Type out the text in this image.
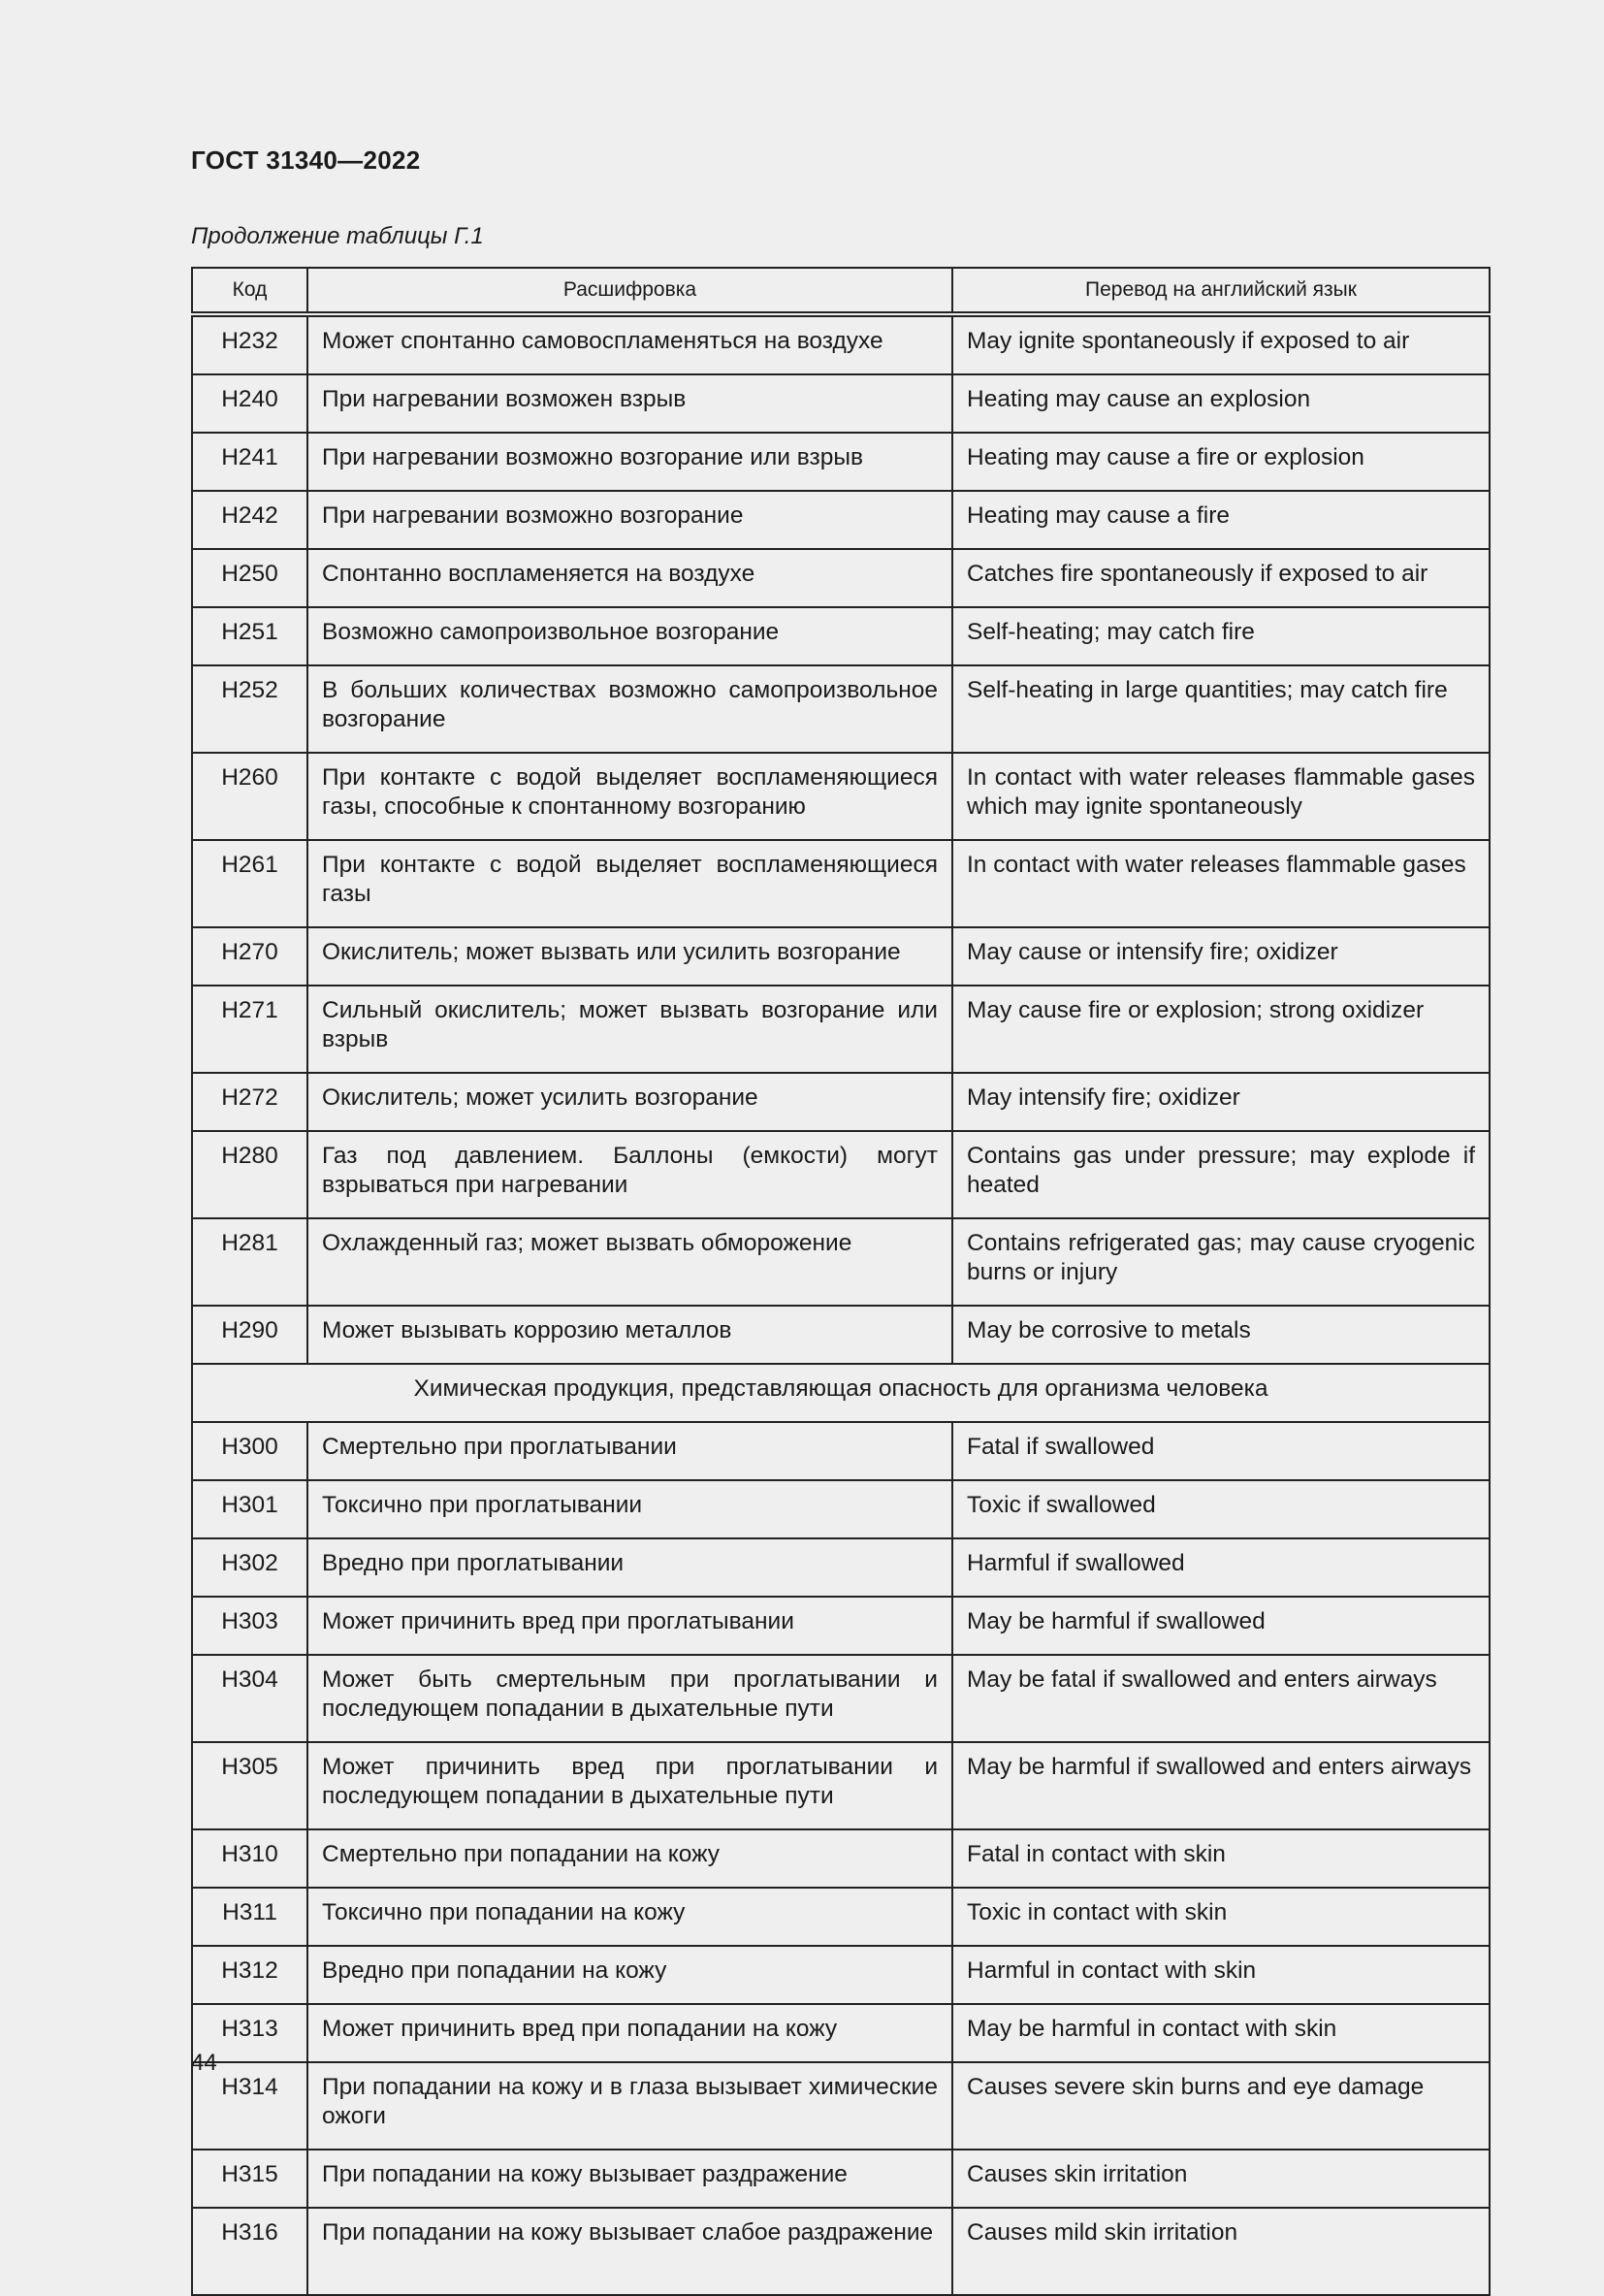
ГОСТ 31340—2022
Продолжение таблицы Г.1
Код	Расшифровка	Перевод на английский язык
H232	Может спонтанно самовоспламеняться на воздухе	May ignite spontaneously if exposed to air
H240	При нагревании возможен взрыв	Heating may cause an explosion
H241	При нагревании возможно возгорание или взрыв	Heating may cause a fire or explosion
H242	При нагревании возможно возгорание	Heating may cause a fire
H250	Спонтанно воспламеняется на воздухе	Catches fire spontaneously if exposed to air
H251	Возможно самопроизвольное возгорание	Self-heating; may catch fire
H252	В больших количествах возможно самопроизвольное возгорание	Self-heating in large quantities; may catch fire
H260	При контакте с водой выделяет воспламеняющиеся газы, способные к спонтанному возгоранию	In contact with water releases flammable gases which may ignite spontaneously
H261	При контакте с водой выделяет воспламеняющиеся газы	In contact with water releases flammable gases
H270	Окислитель; может вызвать или усилить возгорание	May cause or intensify fire; oxidizer
H271	Сильный окислитель; может вызвать возгорание или взрыв	May cause fire or explosion; strong oxidizer
H272	Окислитель; может усилить возгорание	May intensify fire; oxidizer
H280	Газ под давлением. Баллоны (емкости) могут взрываться при нагревании	Contains gas under pressure; may explode if heated
H281	Охлажденный газ; может вызвать обморожение	Contains refrigerated gas; may cause cryogenic burns or injury
H290	Может вызывать коррозию металлов	May be corrosive to metals
Химическая продукция, представляющая опасность для организма человека		
H300	Смертельно при проглатывании	Fatal if swallowed
H301	Токсично при проглатывании	Toxic if swallowed
H302	Вредно при проглатывании	Harmful if swallowed
H303	Может причинить вред при проглатывании	May be harmful if swallowed
H304	Может быть смертельным при проглатывании и последующем попадании в дыхательные пути	May be fatal if swallowed and enters airways
H305	Может причинить вред при проглатывании и последующем попадании в дыхательные пути	May be harmful if swallowed and enters airways
H310	Смертельно при попадании на кожу	Fatal in contact with skin
H311	Токсично при попадании на кожу	Toxic in contact with skin
H312	Вредно при попадании на кожу	Harmful in contact with skin
H313	Может причинить вред при попадании на кожу	May be harmful in contact with skin
H314	При попадании на кожу и в глаза вызывает химические ожоги	Causes severe skin burns and eye damage
H315	При попадании на кожу вызывает раздражение	Causes skin irritation
H316	При попадании на кожу вызывает слабое раздражение	Causes mild skin irritation
44
